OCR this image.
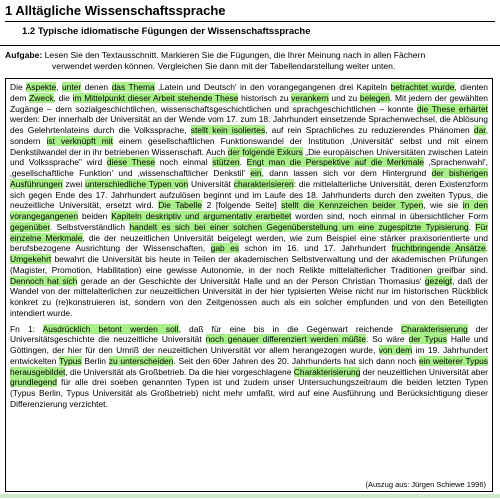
1 Alltägliche Wissenschaftssprache
1.2 Typische idiomatische Fügungen der Wissenschaftssprache
Aufgabe: Lesen Sie den Textausschnitt. Markieren Sie die Fügungen, die Ihrer Meinung nach in allen Fächern
verwendet werden können. Vergleichen Sie dann mit der Tabellendarstellung weiter unten.

Die Aspekte, unter denen das Thema ‚Latein und Deutsch' in den vorangegangenen drei Kapiteln betrachtet wurde, dienten dem Zweck, die im Mittelpunkt dieser Arbeit stehende These historisch zu verankern und zu belegen. Mit jedem der gewählten Zugänge – dem sozialgeschichtlichen, wissenschaftsgeschichtlichen und sprachgeschichtlichen – konnte die These erhärtet werden: Der innerhalb der Universität an der Wende vom 17. zum 18. Jahrhundert einsetzende Sprachenwechsel, die Ablösung des Gelehrtenlateins durch die Volkssprache, stellt kein isoliertes, auf rein Sprachliches zu reduzierendes Phänomen dar, sondern ist verknüpft mit einem gesellschaftlichen Funktionswandel der Institution ‚Universität' selbst und mit einem Denkstilwandel der in ihr betriebenen Wissenschaft. Auch der folgende Exkurs „Die europäischen Universitäten zwischen Latein und Volkssprache" wird diese These noch einmal stützen. Engt man die Perspektive auf die Merkmale ‚Sprachenwahl', ‚gesellschaftliche Funktion' und ‚wissenschaftlicher Denkstil' ein, dann lassen sich vor dem Hintergrund der bisherigen Ausführungen zwei unterschiedliche Typen von Universität charakterisieren: die mittelalterliche Universität, deren Existenzform sich gegen Ende des 17. Jahrhundert aufzulösen beginnt und im Laufe des 18. Jahrhunderts durch den zweiten Typus, die neuzeitliche Universität, ersetzt wird. Die Tabelle 2 [folgende Seite] stellt die Kennzeichen beider Typen, wie sie in den vorangegangenen beiden Kapiteln deskriptiv und argumentativ erarbeitet worden sind, noch einmal in übersichtlicher Form gegenüber. Selbstverständlich handelt es sich bei einer solchen Gegenüberstellung um eine zugespitzte Typisierung. Für einzelne Merkmale, die der neuzeitlichen Universität beigelegt werden, wie zum Beispiel eine stärker praxisorientierte und berufsbezogene Ausrichtung der Wissenschaften, gab es schon im 16. und 17. Jahrhundert fruchtbringende Ansätze. Umgekehrt bewahrt die Universität bis heute in Teilen der akademischen Selbstverwaltung und der akademischen Prüfungen (Magister, Promotion, Habilitation) eine gewisse Autonomie, in der noch Relikte mittelalterlicher Traditionen greifbar sind. Dennoch hat sich gerade an der Geschichte der Universität Halle und an der Person Christian Thomasius' gezeigt, daß der Wandel von der mittelalterlichen zur neuzeitlichen Universität in der hier typisierten Weise nicht nur im historischen Rückblick konkret zu (re)konstruieren ist, sondern von den Zeitgenossen auch als ein solcher empfunden und von den Beteiligten intendiert wurde.

Fn 1: Ausdrücklich betont werden soll, daß für eine bis in die Gegenwart reichende Charakterisierung der Universitätsgeschichte die neuzeitliche Universität noch genauer differenziert werden müßte. So wäre der Typus Halle und Göttingen, der hier für den Umriß der neuzeitlichen Universität vor allem herangezogen wurde, von dem im 19. Jahrhundert entwickelten Typus Berlin zu unterscheiden. Seit den 60er Jahren des 20. Jahrhunderts hat sich dann noch ein weiterer Typus herausgebildet, die Universität als Großbetrieb. Da die hier vorgeschlagene Charakterisierung der neuzeitlichen Universität aber grundlegend für alle drei soeben genannten Typen ist und zudem unser Untersuchungszeitraum die beiden letzten Typen (Typus Berlin, Typus Universität als Großbetrieb) nicht mehr umfaßt, wird auf eine Ausführung und Berücksichtigung dieser Differenzierung verzichtet.

(Auszug aus: Jürgen Schiewe 1996)
